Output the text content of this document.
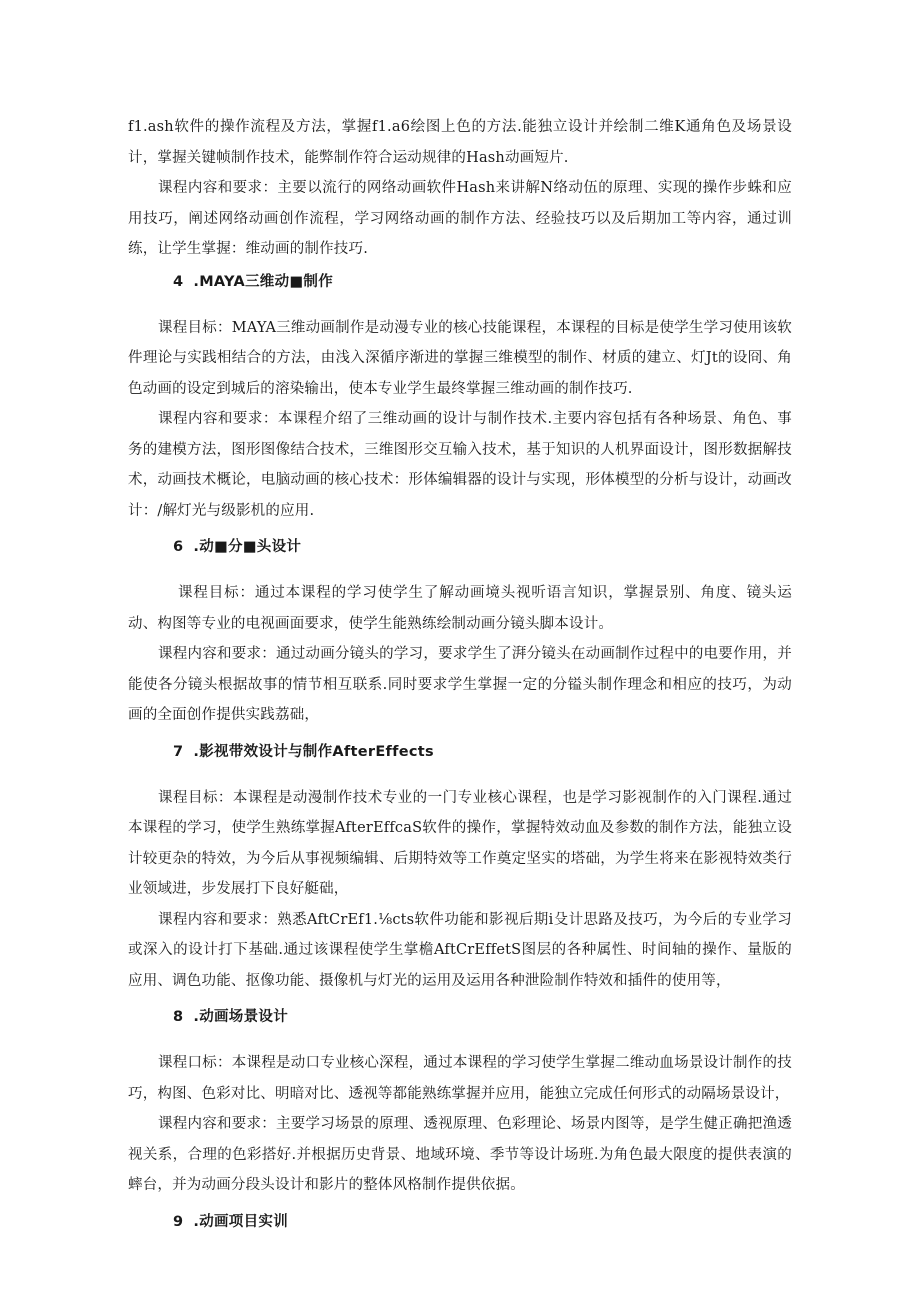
f1.ash软件的操作流程及方法，掌握f1.a6绘图上色的方法.能独立设计并绘制二维K通角色及场景设计，掌握关键帧制作技术，能弊制作符合运动规律的Hash动画短片.

课程内容和要求：主要以流行的网络动画软件Hash来讲解N络动伍的原理、实现的操作步蛛和应用技巧，阐述网络动画创作流程，学习网络动画的制作方法、经验技巧以及后期加工等内容，通过训练，让学生掌握：维动画的制作技巧.

4 .MAYA三维动■制作

课程目标：MAYA三维动画制作是动漫专业的核心技能课程，本课程的目标是使学生学习使用该软件理论与实践相结合的方法，由浅入深循序渐进的掌握三维模型的制作、材质的建立、灯Jt的设冏、角色动画的设定到城后的溶染输出，使本专业学生最终掌握三维动画的制作技巧.

课程内容和要求：本课程介绍了三维动画的设计与制作技术.主要内容包括有各种场景、角色、事务的建模方法，图形图像结合技术，三维图形交互输入技术，基于知识的人机界面设计，图形数据解技术，动画技术概论，电脑动画的核心技术：形体编辑器的设计与实现，形体模型的分析与设计，动画改计：/解灯光与级影机的应用.

6 .动■分■头设计

课程目标：通过本课程的学习使学生了解动画境头视听语言知识，掌握景别、角度、镜头运动、构图等专业的电视画面要求，使学生能熟练绘制动画分镜头脚本设计。

课程内容和要求：通过动画分镜头的学习，要求学生了湃分镜头在动画制作过程中的电要作用，并能使各分镜头根据故事的情节相互联系.同时要求学生掌握一定的分镒头制作理念和相应的技巧，为动画的全面创作提供实践荔础，

7 .影视带效设计与制作AfterEffects

课程目标：本课程是动漫制作技术专业的一门专业核心课程，也是学习影视制作的入门课程.通过本课程的学习，使学生熟练掌握AfterEffcaS软件的操作，掌握特效动血及参数的制作方法，能独立设计较更杂的特效，为今后从事视频编辑、后期特效等工作奠定坚实的塔础，为学生将来在影视特效类行业领域进，步发展打下良好艇础，

课程内容和要求：熟悉AftCrEf1.⅛cts软件功能和影视后期i殳计思路及技巧，为今后的专业学习或深入的设计打下基础.通过该课程使学生掌檐AftCrEffetS图层的各种属性、时间轴的操作、量版的应用、调色功能、抠像功能、摄像机与灯光的运用及运用各种泄险制作特效和插件的使用等，

8 .动画场景设计

课程口标：本课程是动口专业核心深程，通过本课程的学习使学生掌握二维动血场景设计制作的技巧，构图、色彩对比、明暗对比、透视等都能熟练掌握并应用，能独立完成任何形式的动隔场景设计，

课程内容和要求：主要学习场景的原理、透视原理、色彩理论、场景内图等，是学生健正确把渔透视关系，合理的色彩搭好.并根据历史背景、地域环境、季节等设计场班.为角色最大限度的提供表演的蟀台，并为动画分段头设计和影片的整体风格制作提供依据。

9 .动画项目实训
